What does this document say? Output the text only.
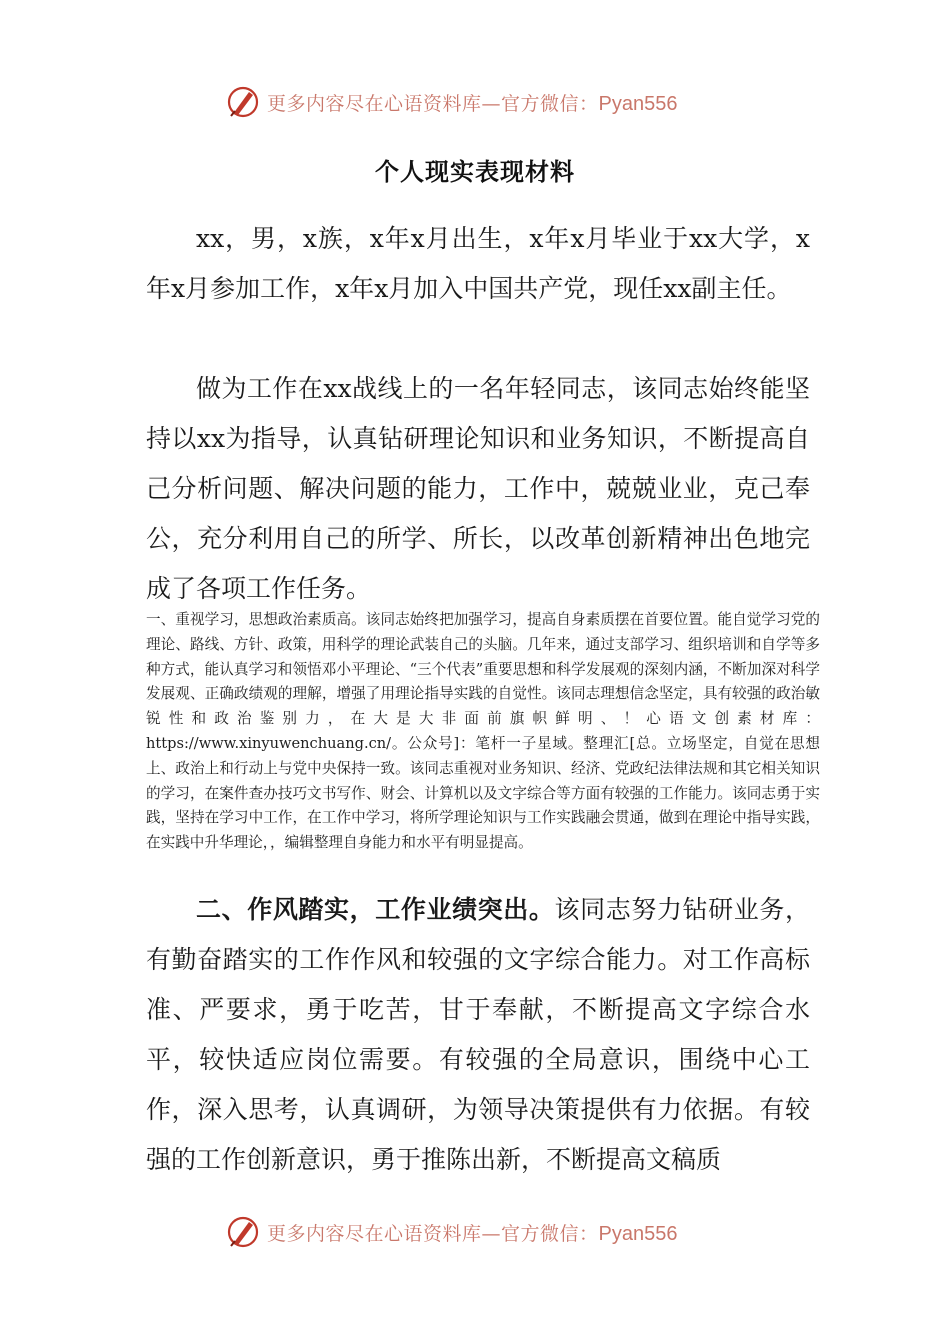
更多内容尽在心语资料库—官方微信：Pyan556
个人现实表现材料

xx，男，x族，x年x月出生，x年x月毕业于xx大学，x年x月参加工作，x年x月加入中国共产党，现任xx副主任。

做为工作在xx战线上的一名年轻同志，该同志始终能坚持以xx为指导，认真钻研理论知识和业务知识，不断提高自己分析问题、解决问题的能力，工作中，兢兢业业，克己奉公，充分利用自己的所学、所长，以改革创新精神出色地完成了各项工作任务。

一、重视学习，思想政治素质高。该同志始终把加强学习，提高自身素质摆在首要位置。能自觉学习党的理论、路线、方针、政策，用科学的理论武装自己的头脑。几年来，通过支部学习、组织培训和自学等多种方式，能认真学习和领悟邓小平理论、“三个代表”重要思想和科学发展观的深刻内涵，不断加深对科学发展观、正确政绩观的理解，增强了用理论指导实践的自觉性。该同志理想信念坚定，具有较强的政治敏锐性和政治鉴别力，在大是大非面前旗帜鲜明、！心语文创素材库：https://www.xinyuwenchuang.cn/。公众号]：笔杆一子星域。整理汇[总。立场坚定，自觉在思想上、政治上和行动上与党中央保持一致。该同志重视对业务知识、经济、党政纪法律法规和其它相关知识的学习，在案件查办技巧文书写作、财会、计算机以及文字综合等方面有较强的工作能力。该同志勇于实践，坚持在学习中工作，在工作中学习，将所学理论知识与工作实践融会贯通，做到在理论中指导实践，在实践中升华理论，，编辑整理自身能力和水平有明显提高。

二、作风踏实，工作业绩突出。该同志努力钻研业务，有勤奋踏实的工作作风和较强的文字综合能力。对工作高标准、严要求，勇于吃苦，甘于奉献，不断提高文字综合水平，较快适应岗位需要。有较强的全局意识，围绕中心工作，深入思考，认真调研，为领导决策提供有力依据。有较强的工作创新意识，勇于推陈出新，不断提高文稿质

更多内容尽在心语资料库—官方微信：Pyan556
